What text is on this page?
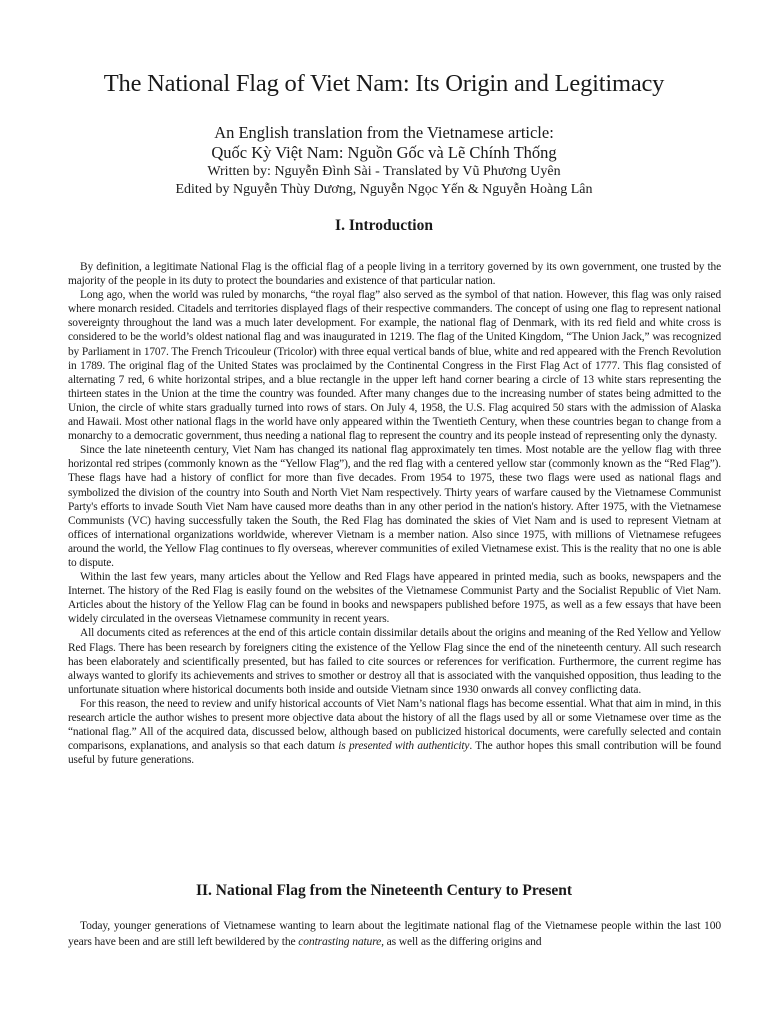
The National Flag of Viet Nam: Its Origin and Legitimacy

An English translation from the Vietnamese article:

Quốc Kỳ Việt Nam: Nguồn Gốc và Lẽ Chính Thống

Written by: Nguyễn Đình Sài - Translated by Vũ Phương Uyên

Edited by Nguyễn Thùy Dương, Nguyễn Ngọc Yến & Nguyễn Hoàng Lân

I. Introduction

By definition, a legitimate National Flag is the official flag of a people living in a territory governed by its own government, one trusted by the majority of the people in its duty to protect the boundaries and existence of that particular nation.

Long ago, when the world was ruled by monarchs, “the royal flag” also served as the symbol of that nation. However, this flag was only raised where monarch resided. Citadels and territories displayed flags of their respective commanders. The concept of using one flag to represent national sovereignty throughout the land was a much later development. For example, the national flag of Denmark, with its red field and white cross is considered to be the world’s oldest national flag and was inaugurated in 1219. The flag of the United Kingdom, “The Union Jack,” was recognized by Parliament in 1707. The French Tricouleur (Tricolor) with three equal vertical bands of blue, white and red appeared with the French Revolution in 1789. The original flag of the United States was proclaimed by the Continental Congress in the First Flag Act of 1777. This flag consisted of alternating 7 red, 6 white horizontal stripes, and a blue rectangle in the upper left hand corner bearing a circle of 13 white stars representing the thirteen states in the Union at the time the country was founded. After many changes due to the increasing number of states being admitted to the Union, the circle of white stars gradually turned into rows of stars. On July 4, 1958, the U.S. Flag acquired 50 stars with the admission of Alaska and Hawaii. Most other national flags in the world have only appeared within the Twentieth Century, when these countries began to change from a monarchy to a democratic government, thus needing a national flag to represent the country and its people instead of representing only the dynasty.

Since the late nineteenth century, Viet Nam has changed its national flag approximately ten times. Most notable are the yellow flag with three horizontal red stripes (commonly known as the “Yellow Flag”), and the red flag with a centered yellow star (commonly known as the “Red Flag”). These flags have had a history of conflict for more than five decades. From 1954 to 1975, these two flags were used as national flags and symbolized the division of the country into South and North Viet Nam respectively. Thirty years of warfare caused by the Vietnamese Communist Party's efforts to invade South Viet Nam have caused more deaths than in any other period in the nation's history. After 1975, with the Vietnamese Communists (VC) having successfully taken the South, the Red Flag has dominated the skies of Viet Nam and is used to represent Vietnam at offices of international organizations worldwide, wherever Vietnam is a member nation. Also since 1975, with millions of Vietnamese refugees around the world, the Yellow Flag continues to fly overseas, wherever communities of exiled Vietnamese exist. This is the reality that no one is able to dispute.

Within the last few years, many articles about the Yellow and Red Flags have appeared in printed media, such as books, newspapers and the Internet. The history of the Red Flag is easily found on the websites of the Vietnamese Communist Party and the Socialist Republic of Viet Nam. Articles about the history of the Yellow Flag can be found in books and newspapers published before 1975, as well as a few essays that have been widely circulated in the overseas Vietnamese community in recent years.

All documents cited as references at the end of this article contain dissimilar details about the origins and meaning of the Red Yellow and Yellow Red Flags. There has been research by foreigners citing the existence of the Yellow Flag since the end of the nineteenth century. All such research has been elaborately and scientifically presented, but has failed to cite sources or references for verification. Furthermore, the current regime has always wanted to glorify its achievements and strives to smother or destroy all that is associated with the vanquished opposition, thus leading to the unfortunate situation where historical documents both inside and outside Vietnam since 1930 onwards all convey conflicting data.

For this reason, the need to review and unify historical accounts of Viet Nam’s national flags has become essential. What that aim in mind, in this research article the author wishes to present more objective data about the history of all the flags used by all or some Vietnamese over time as the “national flag.” All of the acquired data, discussed below, although based on publicized historical documents, were carefully selected and contain comparisons, explanations, and analysis so that each datum is presented with authenticity. The author hopes this small contribution will be found useful by future generations.

II. National Flag from the Nineteenth Century to Present

Today, younger generations of Vietnamese wanting to learn about the legitimate national flag of the Vietnamese people within the last 100 years have been and are still left bewildered by the contrasting nature, as well as the differing origins and
